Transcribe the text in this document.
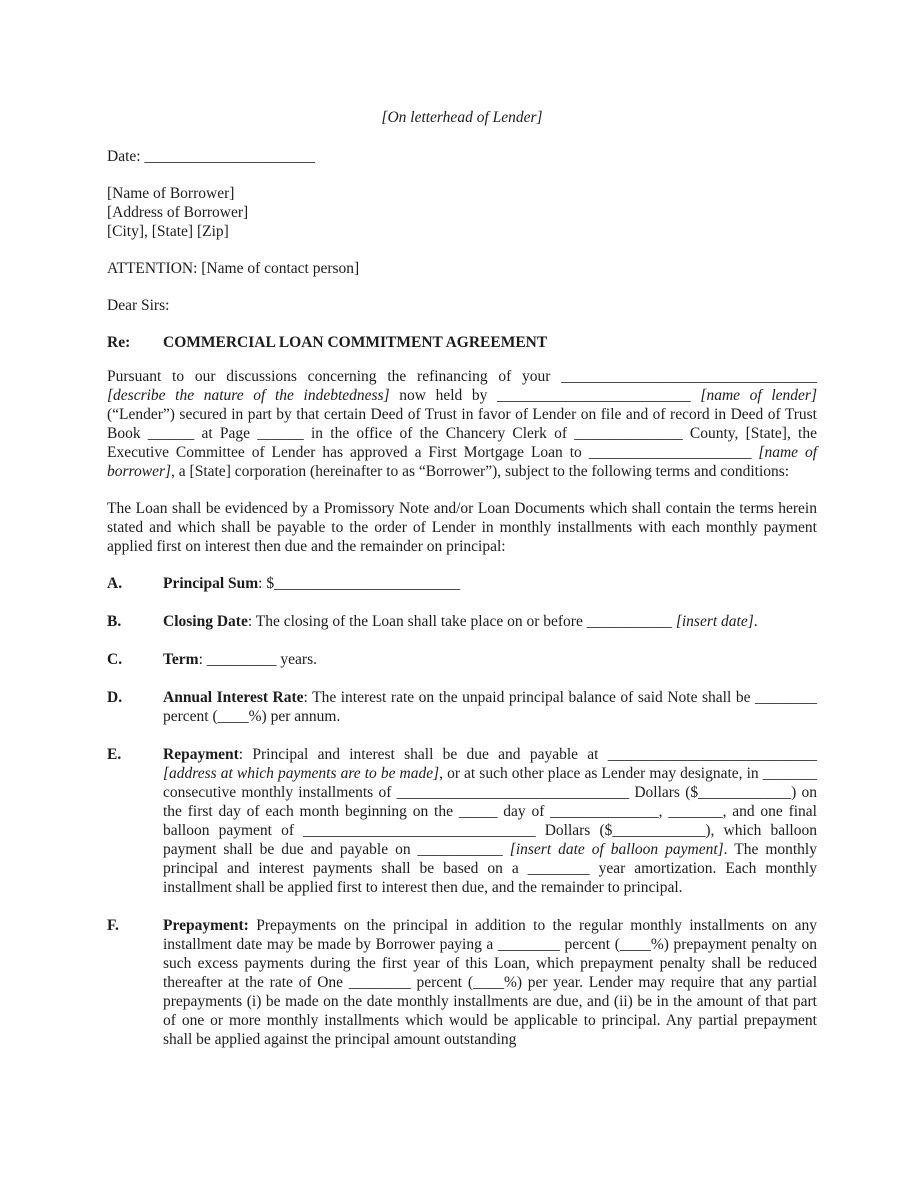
[On letterhead of Lender]
Date: ______________________
[Name of Borrower]
[Address of Borrower]
[City], [State] [Zip]
ATTENTION: [Name of contact person]
Dear Sirs:
Re:	COMMERCIAL LOAN COMMITMENT AGREEMENT

Pursuant to our discussions concerning the refinancing of your _________________________________ [describe the nature of the indebtedness] now held by _________________________ [name of lender] (“Lender”) secured in part by that certain Deed of Trust in favor of Lender on file and of record in Deed of Trust Book ______ at Page ______ in the office of the Chancery Clerk of ______________ County, [State], the Executive Committee of Lender has approved a First Mortgage Loan to _____________________ [name of borrower], a [State] corporation (hereinafter to as “Borrower”), subject to the following terms and conditions:

The Loan shall be evidenced by a Promissory Note and/or Loan Documents which shall contain the terms herein stated and which shall be payable to the order of Lender in monthly installments with each monthly payment applied first on interest then due and the remainder on principal:

A.	Principal Sum: $________________________
B.	Closing Date: The closing of the Loan shall take place on or before ___________ [insert date].
C.	Term: _________ years.
D.	Annual Interest Rate: The interest rate on the unpaid principal balance of said Note shall be ________ percent (____%) per annum.
E.	Repayment: Principal and interest shall be due and payable at ___________________________ [address at which payments are to be made], or at such other place as Lender may designate, in _______ consecutive monthly installments of ______________________________ Dollars ($____________) on the first day of each month beginning on the _____ day of ______________, _______, and one final balloon payment of ______________________________ Dollars ($____________), which balloon payment shall be due and payable on ___________ [insert date of balloon payment]. The monthly principal and interest payments shall be based on a ________ year amortization. Each monthly installment shall be applied first to interest then due, and the remainder to principal.
F.	Prepayment: Prepayments on the principal in addition to the regular monthly installments on any installment date may be made by Borrower paying a ________ percent (____%) prepayment penalty on such excess payments during the first year of this Loan, which prepayment penalty shall be reduced thereafter at the rate of One ________ percent (____%) per year. Lender may require that any partial prepayments (i) be made on the date monthly installments are due, and (ii) be in the amount of that part of one or more monthly installments which would be applicable to principal. Any partial prepayment shall be applied against the principal amount outstanding
